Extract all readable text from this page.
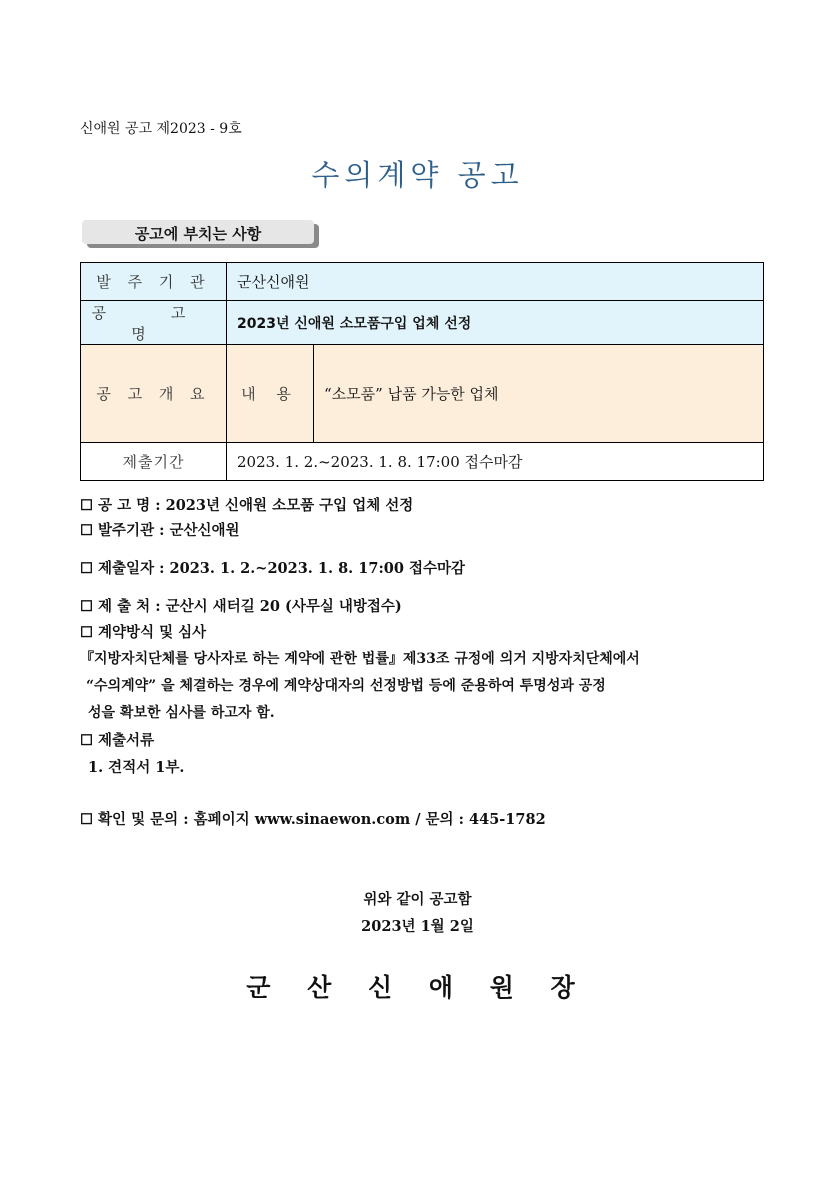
신애원 공고 제2023 - 9호
수의계약 공고
공고에 부치는 사항
발 주 기 관	군산신애원	
공 고 명	2023년 신애원 소모품구입 업체 선정	
공 고 개 요	내 용	“소모품” 납품 가능한 업체
제출기간	2023. 1. 2.~2023. 1. 8. 17:00 접수마감	
☐ 공 고 명 : 2023년 신애원 소모품 구입 업체 선정
☐ 발주기관 : 군산신애원
☐ 제출일자 : 2023. 1. 2.~2023. 1. 8. 17:00 접수마감
☐ 제 출 처 : 군산시 새터길 20 (사무실 내방접수)
☐ 계약방식 및 심사
『지방자치단체를 당사자로 하는 계약에 관한 법률』제33조 규정에 의거 지방자치단체에서
“수의계약” 을 체결하는 경우에 계약상대자의 선정방법 등에 준용하여 투명성과 공정
성을 확보한 심사를 하고자 함.
☐ 제출서류
1. 견적서 1부.
☐ 확인 및 문의 : 홈페이지 www.sinaewon.com / 문의 : 445-1782
위와 같이 공고함
2023년 1월 2일
군 산 신 애 원 장
